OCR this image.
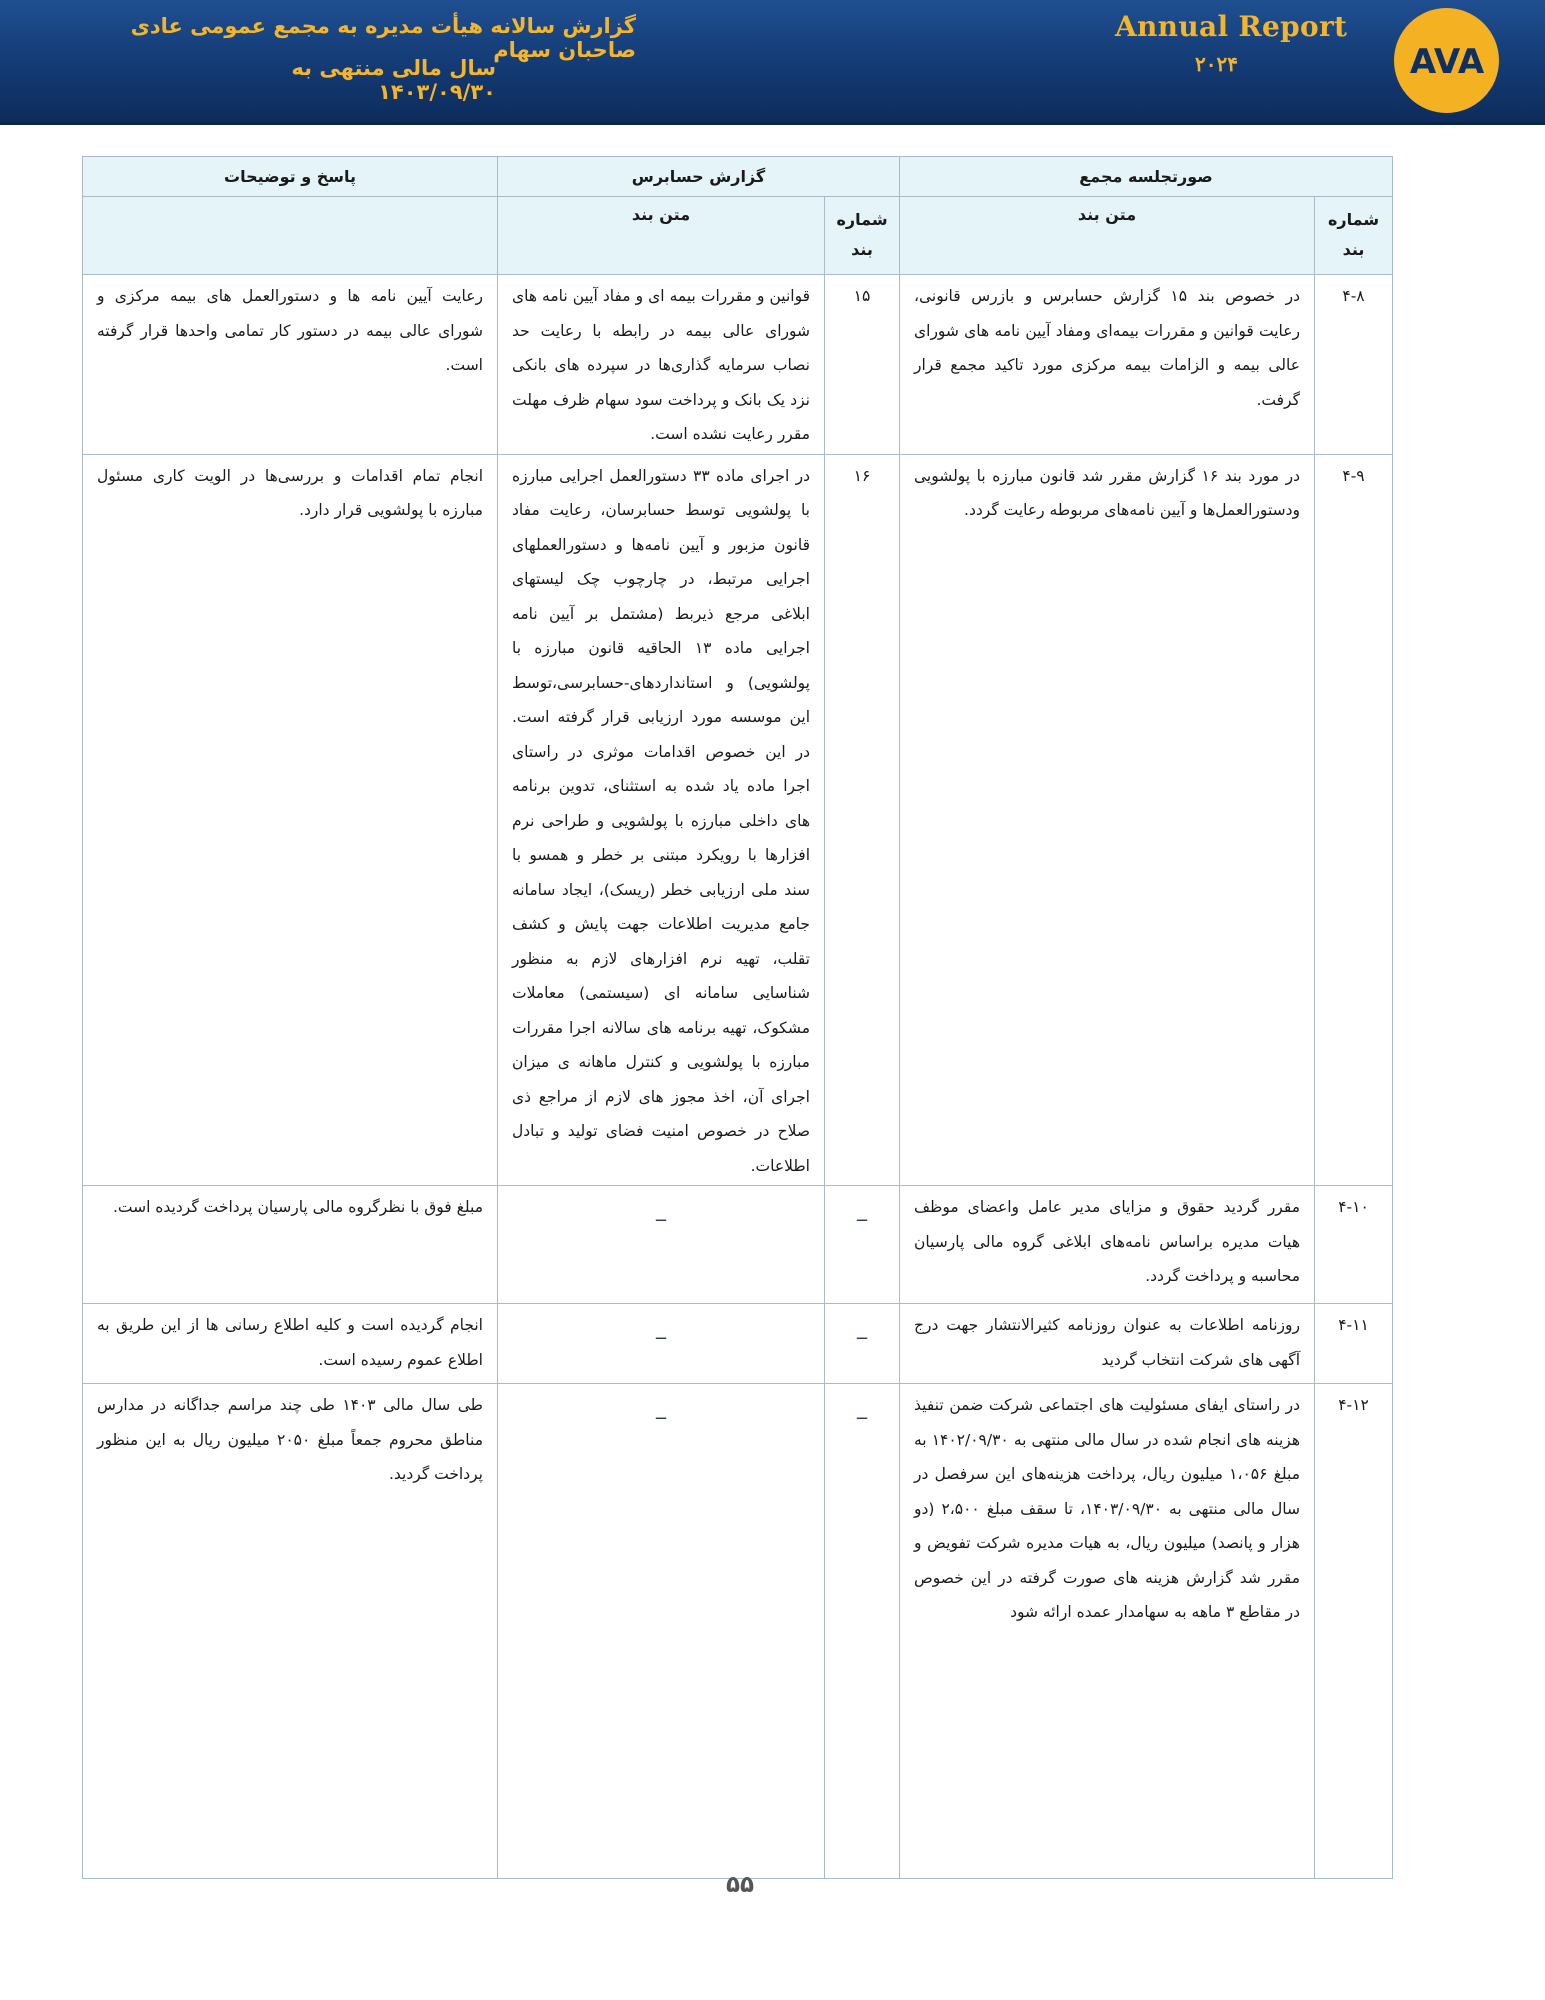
گزارش سالانه هیأت مدیره به مجمع عمومی عادی صاحبان سهام
سال مالی منتهی به ۱۴۰۳/۰۹/۳۰
Annual Report
۲۰۲۴	AVA
پاسخ و توضیحات	گزارش حسابرس		صورتجلسه مجمع	
	متن بند	شماره بند	متن بند	شماره بند

رعایت آیین نامه ها و دستورالعمل های بیمه مرکزی و شورای عالی بیمه در دستور کار تمامی واحدها قرار گرفته است.	قوانین و مقررات بیمه ای و مفاد آیین نامه های شورای عالی بیمه در رابطه با رعایت حد نصاب سرمایه گذاری‌ها در سپرده های بانکی نزد یک بانک و پرداخت سود سهام ظرف مهلت مقرر رعایت نشده است.	۱۵	در خصوص بند ۱۵ گزارش حسابرس و بازرس قانونی، رعایت قوانین و مقررات بیمه‌ای ومفاد آیین نامه های شورای عالی بیمه و الزامات بیمه مرکزی مورد تاکید مجمع قرار گرفت.	۴-۸

انجام تمام اقدامات و بررسی‌ها در الویت کاری مسئول مبارزه با پولشویی قرار دارد.	در اجرای ماده ۳۳ دستورالعمل اجرایی مبارزه با پولشویی توسط حسابرسان، رعایت مفاد قانون مزبور و آیین نامه‌ها و دستورالعملهای اجرایی مرتبط، در چارچوب چک لیستهای ابلاغی مرجع ذیربط (مشتمل بر آیین نامه اجرایی ماده ۱۳ الحاقیه قانون مبارزه با پولشویی) و استانداردهای-حسابرسی،توسط این موسسه مورد ارزیابی قرار گرفته است. در این خصوص اقدامات موثری در راستای اجرا ماده یاد شده به استثنای، تدوین برنامه های داخلی مبارزه با پولشویی و طراحی نرم افزارها با رویکرد مبتنی بر خطر و همسو با سند ملی ارزیابی خطر (ریسک)، ایجاد سامانه جامع مدیریت اطلاعات جهت پایش و کشف تقلب، تهیه نرم افزارهای لازم به منظور شناسایی سامانه ای (سیستمی) معاملات مشکوک، تهیه برنامه های سالانه اجرا مقررات مبارزه با پولشویی و کنترل ماهانه ی میزان اجرای آن، اخذ مجوز های لازم از مراجع ذی صلاح در خصوص امنیت فضای تولید و تبادل اطلاعات.	۱۶	در مورد بند ۱۶ گزارش مقرر شد قانون مبارزه با پولشویی ودستورالعمل‌ها و آیین نامه‌های مربوطه رعایت گردد.	۴-۹

مبلغ فوق با نظرگروه مالی پارسیان پرداخت گردیده است.	_	_	مقرر گردید حقوق و مزایای مدیر عامل واعضای موظف هیات مدیره براساس نامه‌های ابلاغی گروه مالی پارسیان محاسبه و پرداخت گردد.	۴-۱۰

انجام گردیده است و کلیه اطلاع رسانی ها از این طریق به اطلاع عموم رسیده است.	_	_	روزنامه اطلاعات به عنوان روزنامه کثیرالانتشار جهت درج آگهی های شرکت انتخاب گردید	۴-۱۱

طی سال مالی ۱۴۰۳ طی چند مراسم جداگانه در مدارس مناطق محروم جمعاً مبلغ ۲۰۵۰ میلیون ریال به این منظور پرداخت گردید.	_	_	در راستای ایفای مسئولیت های اجتماعی شرکت ضمن تنفیذ هزینه های انجام شده در سال مالی منتهی به ۱۴۰۲/۰۹/۳۰ به مبلغ ۱،۰۵۶ میلیون ریال، پرداخت هزینه‌های این سرفصل در سال مالی منتهی به ۱۴۰۳/۰۹/۳۰، تا سقف مبلغ ۲،۵۰۰ (دو هزار و پانصد) میلیون ریال، به هیات مدیره شرکت تفویض و مقرر شد گزارش هزینه های صورت گرفته در این خصوص در مقاطع ۳ ماهه به سهامدار عمده ارائه شود	۴-۱۲
۵۵
